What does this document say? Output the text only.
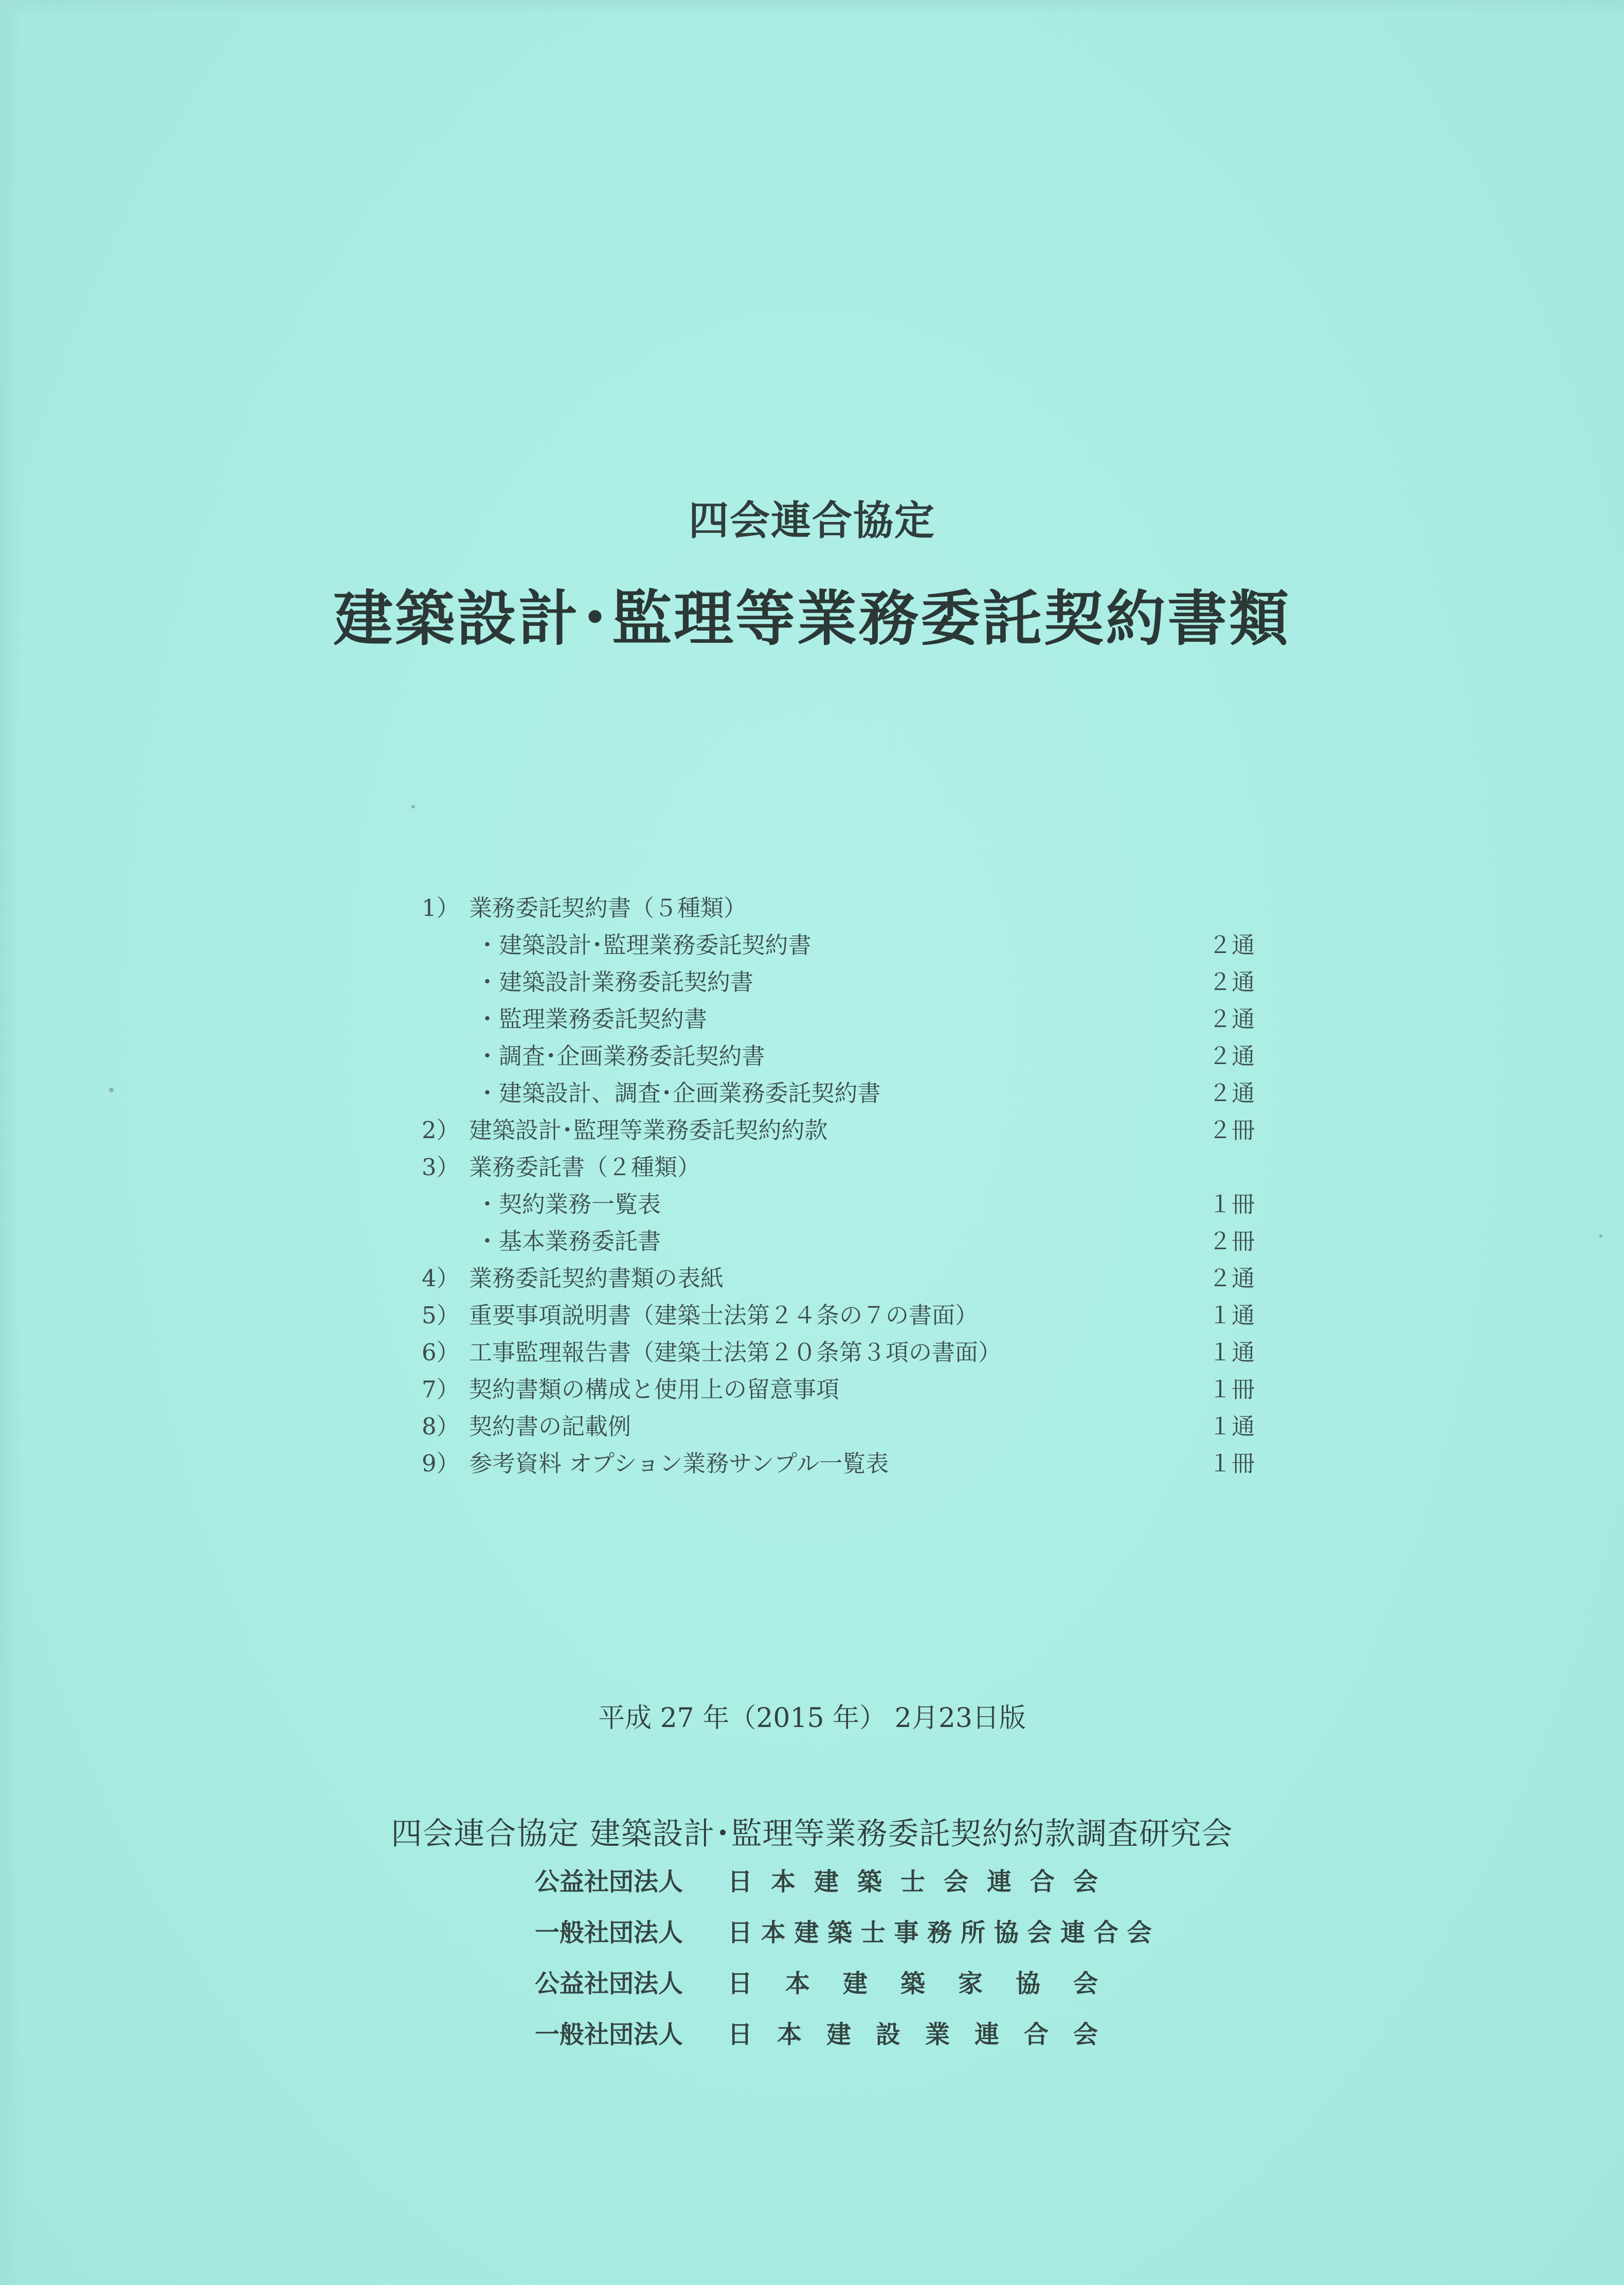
四会連合協定
建築設計･監理等業務委託契約書類
1） 業務委託契約書（５種類）
・建築設計･監理業務委託契約書	２通
・建築設計業務委託契約書	２通
・監理業務委託契約書	２通
・調査･企画業務委託契約書	２通
・建築設計、調査･企画業務委託契約書	２通
2） 建築設計･監理等業務委託契約約款	２冊
3） 業務委託書（２種類）
・契約業務一覧表	１冊
・基本業務委託書	２冊
4） 業務委託契約書類の表紙	２通
5） 重要事項説明書（建築士法第２４条の７の書面）	１通
6） 工事監理報告書（建築士法第２０条第３項の書面）	１通
7） 契約書類の構成と使用上の留意事項	１冊
8） 契約書の記載例	１通
9） 参考資料 オプション業務サンプル一覧表	１冊
平成 27 年（2015 年） 2月23日版
四会連合協定 建築設計･監理等業務委託契約約款調査研究会
公益社団法人 日 本 建 築 士 会 連 合 会
一般社団法人 日 本 建 築 士 事 務 所 協 会 連 合 会
公益社団法人 日 本 建 築 家 協 会
一般社団法人 日 本 建 設 業 連 合 会
